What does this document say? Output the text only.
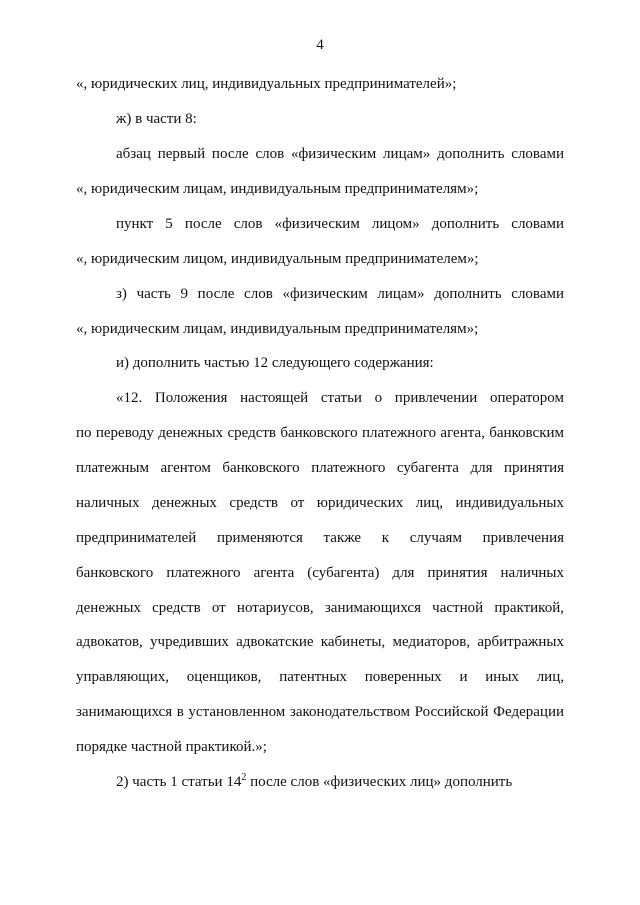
4
«, юридических лиц, индивидуальных предпринимателей»;
ж) в части 8:
абзац первый после слов «физическим лицам» дополнить словами
«, юридическим лицам, индивидуальным предпринимателям»;
пункт 5 после слов «физическим лицом» дополнить словами
«, юридическим лицом, индивидуальным предпринимателем»;
з) часть 9 после слов «физическим лицам» дополнить словами
«, юридическим лицам, индивидуальным предпринимателям»;
и) дополнить частью 12 следующего содержания:
«12. Положения настоящей статьи о привлечении оператором
по переводу денежных средств банковского платежного агента, банковским
платежным агентом банковского платежного субагента для принятия
наличных денежных средств от юридических лиц, индивидуальных
предпринимателей применяются также к случаям привлечения
банковского платежного агента (субагента) для принятия наличных
денежных средств от нотариусов, занимающихся частной практикой,
адвокатов, учредивших адвокатские кабинеты, медиаторов, арбитражных
управляющих, оценщиков, патентных поверенных и иных лиц,
занимающихся в установленном законодательством Российской Федерации
порядке частной практикой.»;
2) часть 1 статьи $14^2$ после слов «физических лиц» дополнить
